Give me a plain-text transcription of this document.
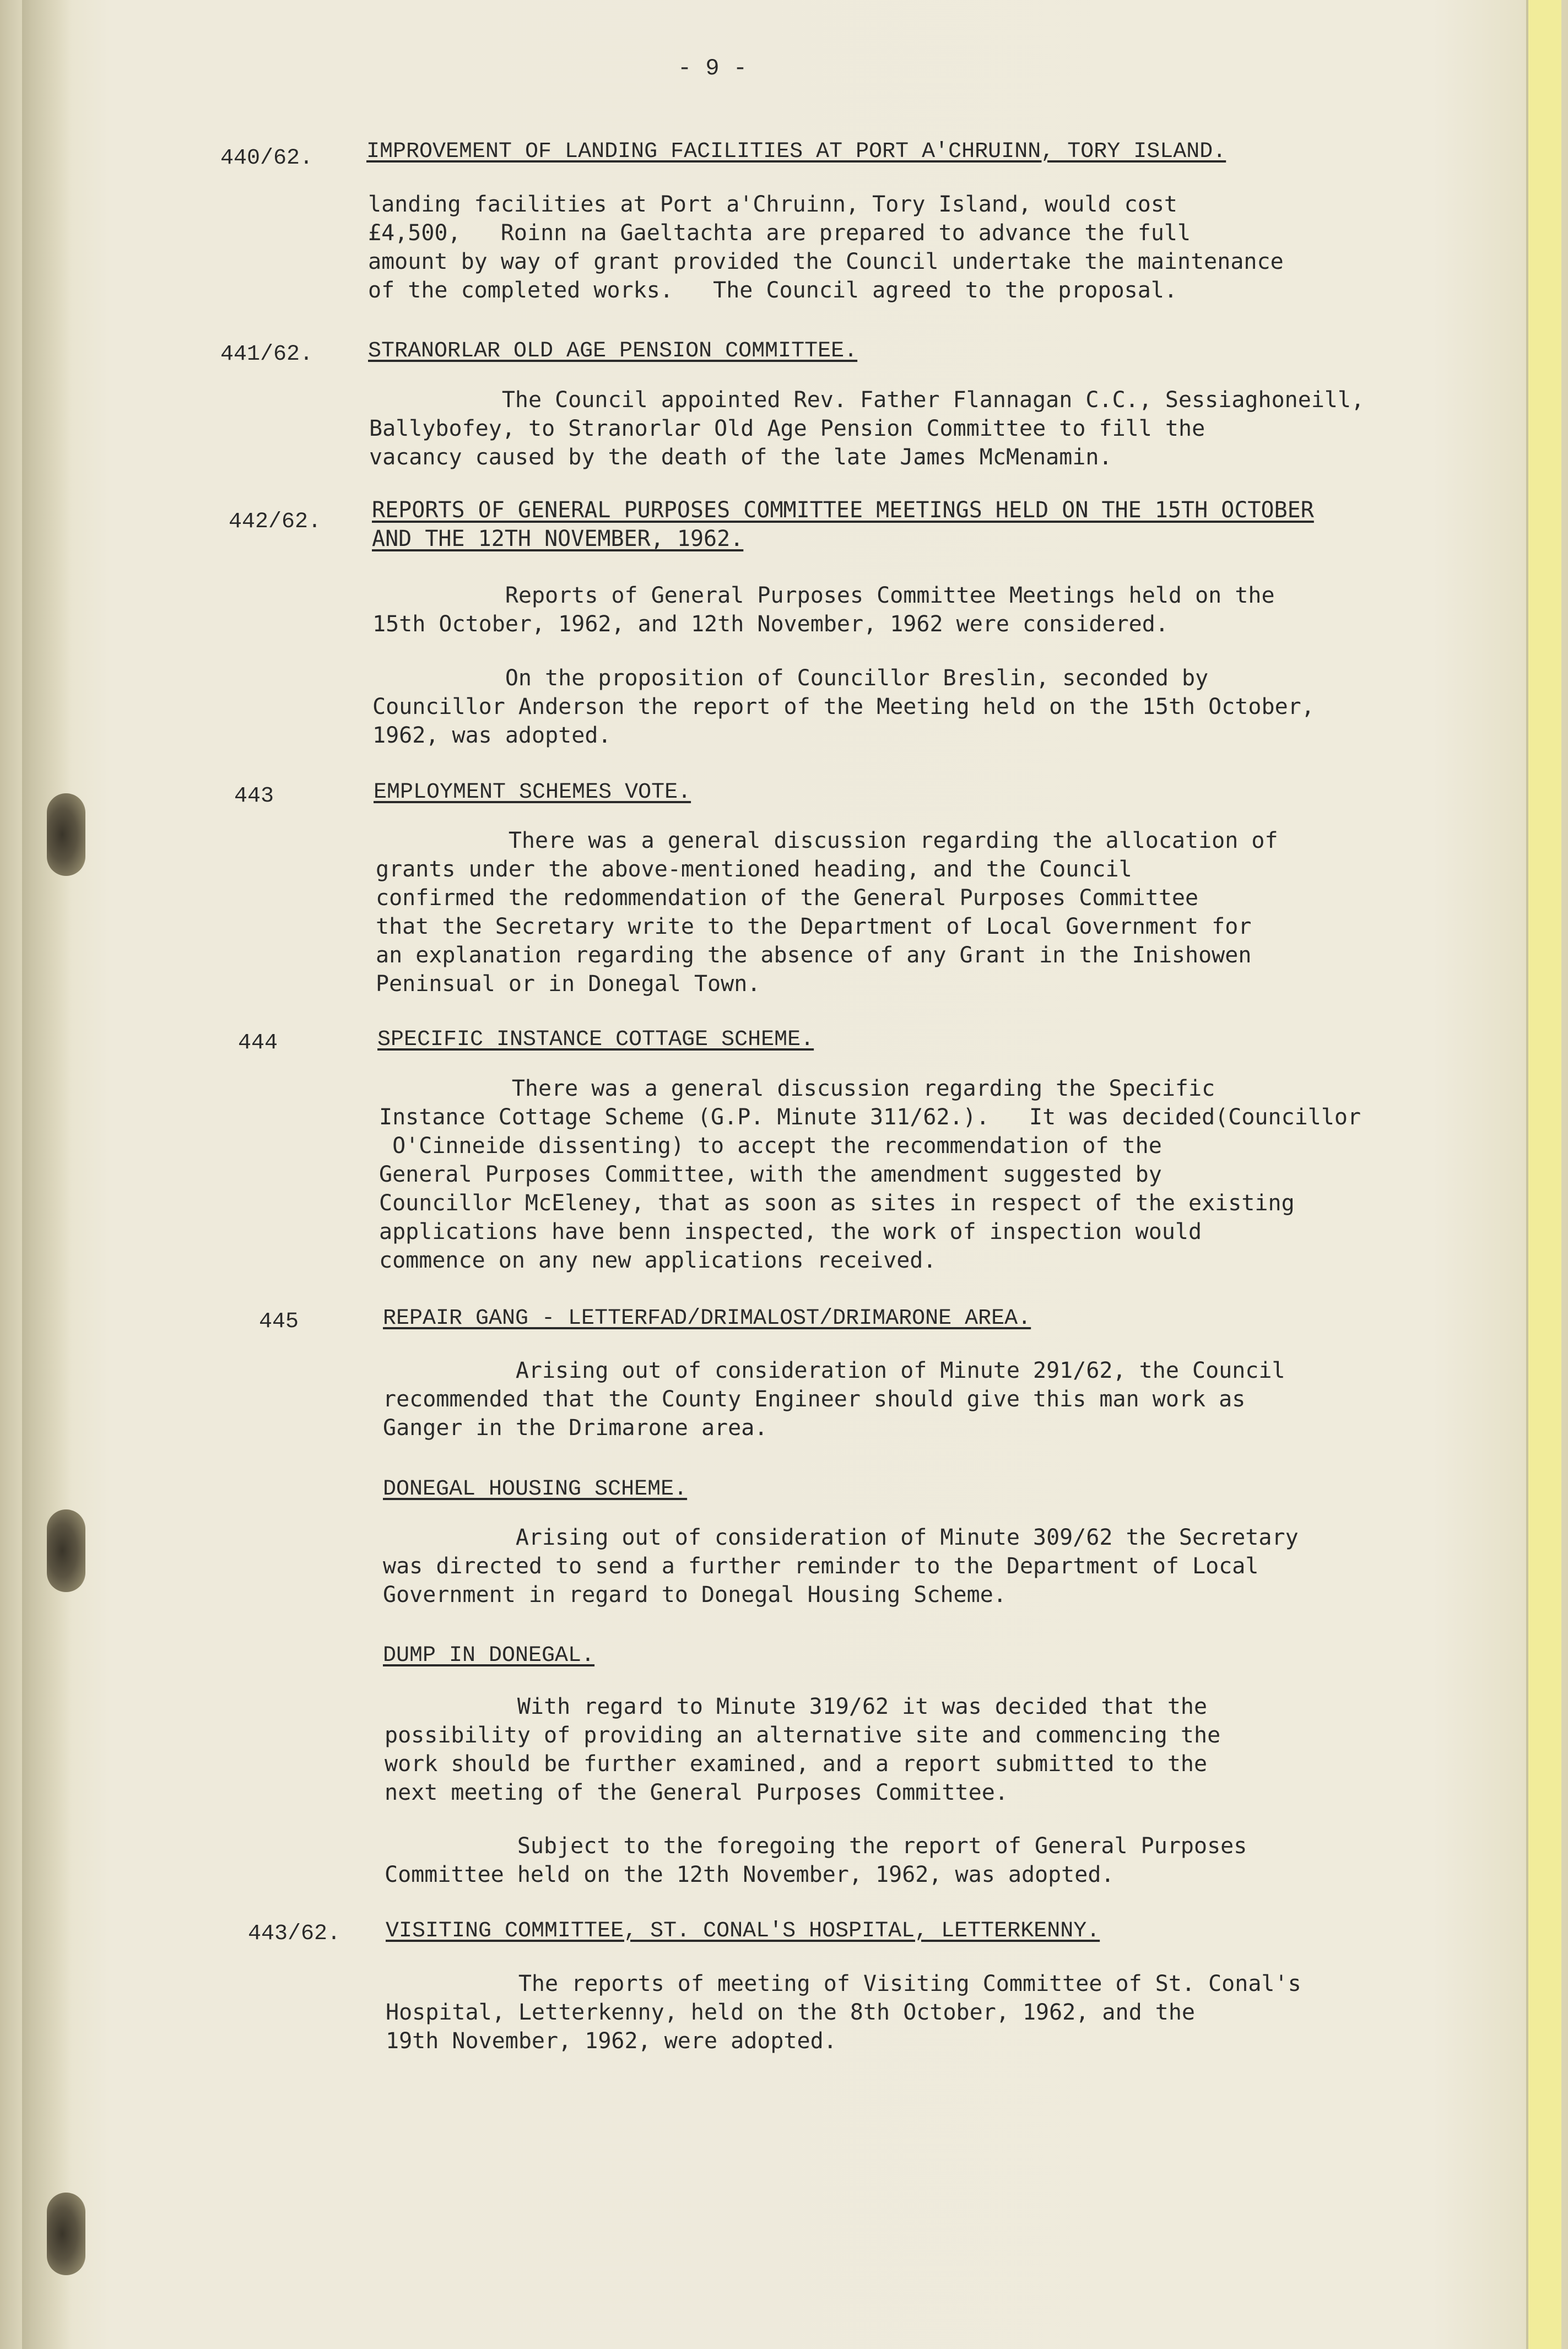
- 9 -
440/62. IMPROVEMENT OF LANDING FACILITIES AT PORT A'CHRUINN, TORY ISLAND.
landing facilities at Port a'Chruinn, Tory Island, would cost
£4,500,   Roinn na Gaeltachta are prepared to advance the full
amount by way of grant provided the Council undertake the maintenance
of the completed works.   The Council agreed to the proposal.
441/62. STRANORLAR OLD AGE PENSION COMMITTEE.
The Council appointed Rev. Father Flannagan C.C., Sessiaghoneill,
Ballybofey, to Stranorlar Old Age Pension Committee to fill the
vacancy caused by the death of the late James McMenamin.
442/62. REPORTS OF GENERAL PURPOSES COMMITTEE MEETINGS HELD ON THE 15TH OCTOBER
AND THE 12TH NOVEMBER, 1962.
Reports of General Purposes Committee Meetings held on the
15th October, 1962, and 12th November, 1962 were considered.
On the proposition of Councillor Breslin, seconded by
Councillor Anderson the report of the Meeting held on the 15th October,
1962, was adopted.
443	EMPLOYMENT SCHEMES VOTE.
There was a general discussion regarding the allocation of
grants under the above-mentioned heading, and the Council
confirmed the redommendation of the General Purposes Committee
that the Secretary write to the Department of Local Government for
an explanation regarding the absence of any Grant in the Inishowen
Peninsual or in Donegal Town.
444	SPECIFIC INSTANCE COTTAGE SCHEME.
There was a general discussion regarding the Specific
Instance Cottage Scheme (G.P. Minute 311/62.).   It was decided(Councillor
O'Cinneide dissenting) to accept the recommendation of the
General Purposes Committee, with the amendment suggested by
Councillor McEleney, that as soon as sites in respect of the existing
applications have benn inspected, the work of inspection would
commence on any new applications received.
445	REPAIR GANG - LETTERFAD/DRIMALOST/DRIMARONE AREA.
Arising out of consideration of Minute 291/62, the Council
recommended that the County Engineer should give this man work as
Ganger in the Drimarone area.
DONEGAL HOUSING SCHEME.
Arising out of consideration of Minute 309/62 the Secretary
was directed to send a further reminder to the Department of Local
Government in regard to Donegal Housing Scheme.
DUMP IN DONEGAL.
With regard to Minute 319/62 it was decided that the
possibility of providing an alternative site and commencing the
work should be further examined, and a report submitted to the
next meeting of the General Purposes Committee.
Subject to the foregoing the report of General Purposes
Committee held on the 12th November, 1962, was adopted.
443/62. VISITING COMMITTEE, ST. CONAL'S HOSPITAL, LETTERKENNY.
The reports of meeting of Visiting Committee of St. Conal's
Hospital, Letterkenny, held on the 8th October, 1962, and the
19th November, 1962, were adopted.
